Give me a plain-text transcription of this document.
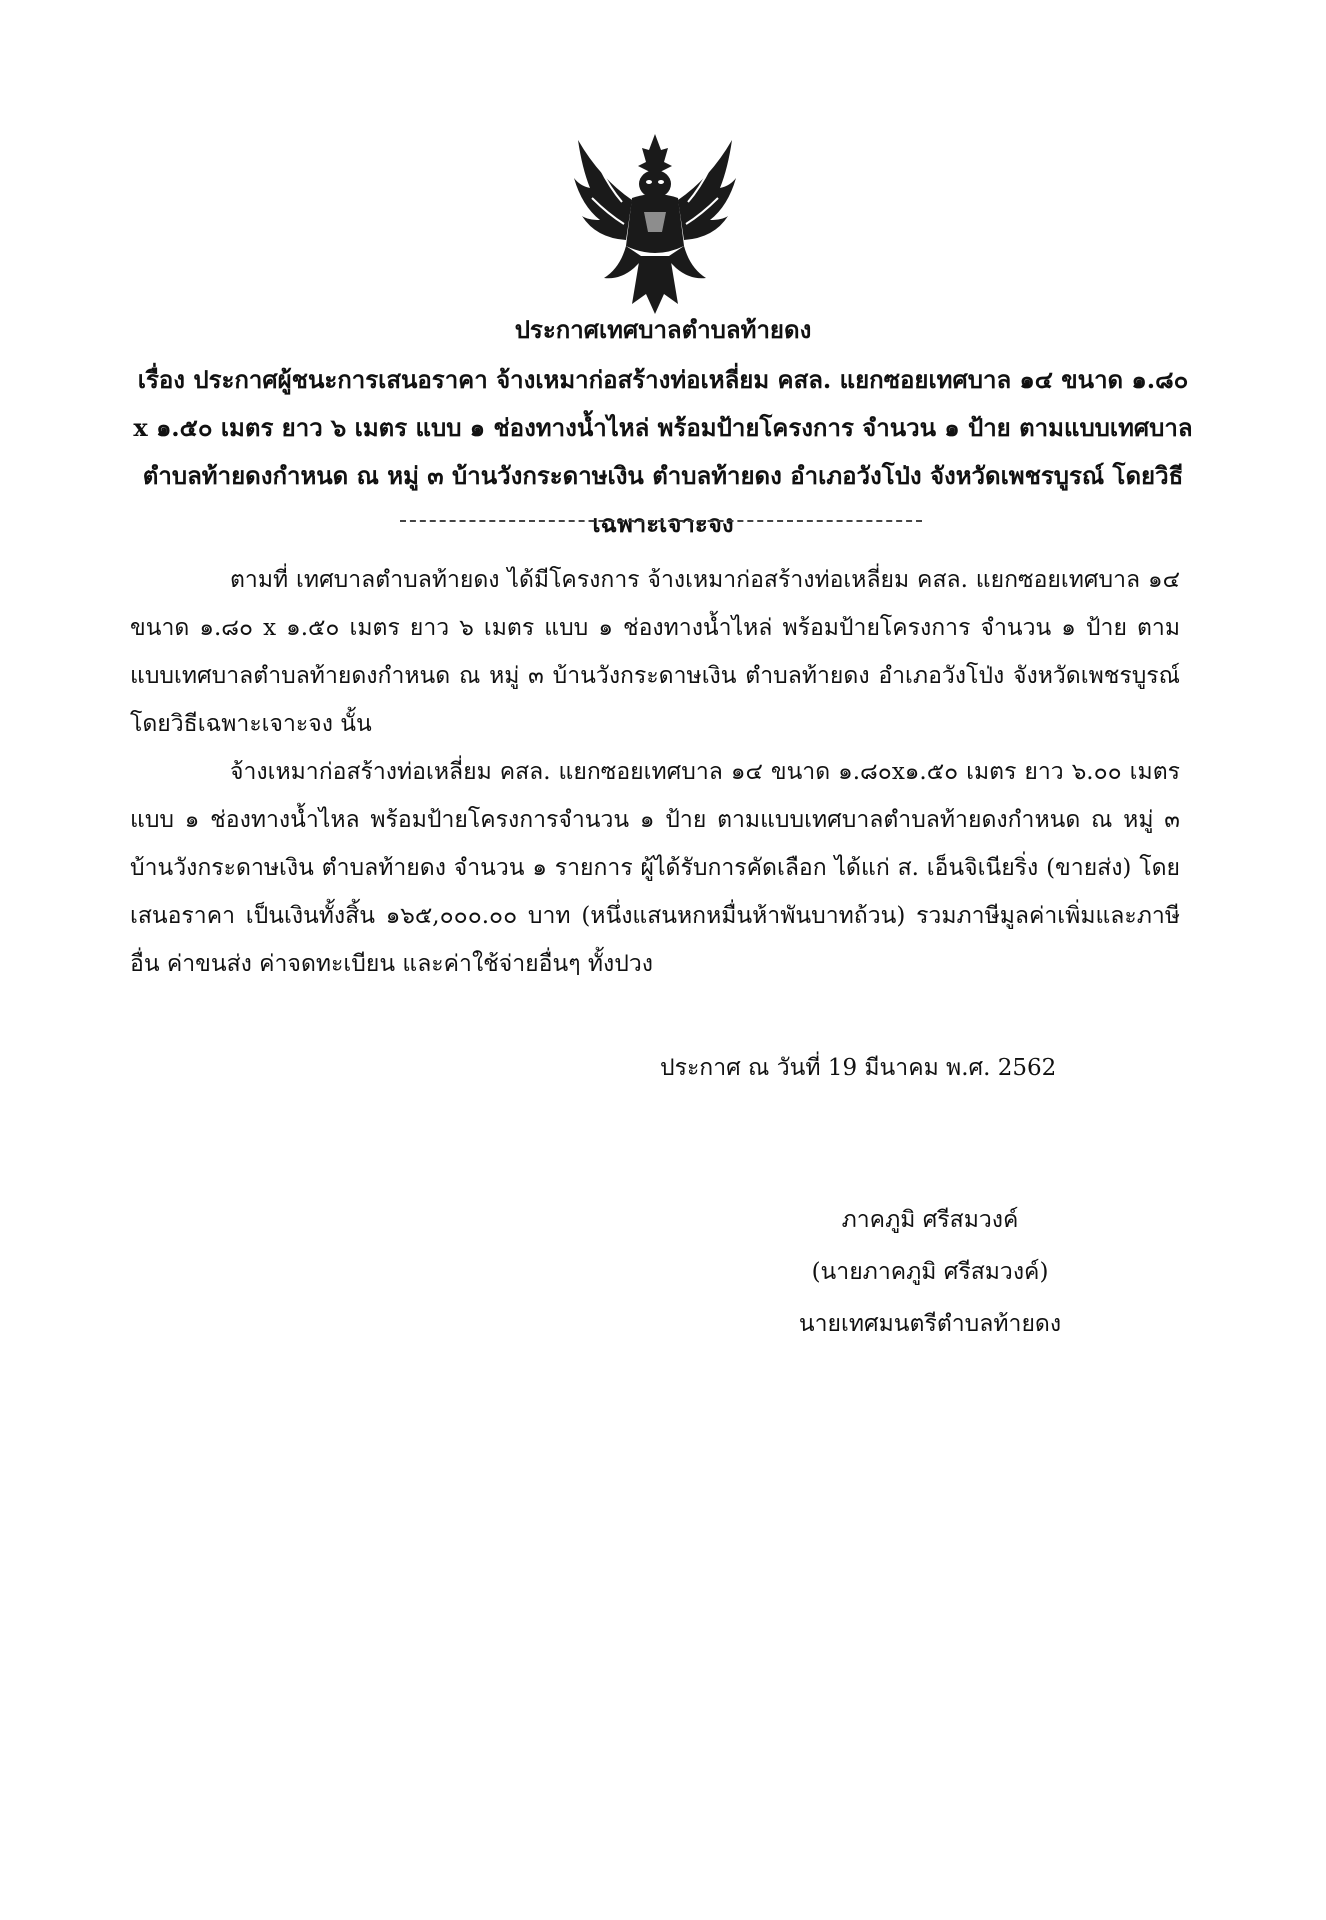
ประกาศเทศบาลตำบลท้ายดง
เรื่อง ประกาศผู้ชนะการเสนอราคา จ้างเหมาก่อสร้างท่อเหลี่ยม คสล. แยกซอยเทศบาล ๑๔ ขนาด ๑.๘๐ x ๑.๕๐ เมตร ยาว ๖ เมตร แบบ ๑ ช่องทางน้ำไหล่ พร้อมป้ายโครงการ จำนวน ๑ ป้าย ตามแบบเทศบาลตำบลท้ายดงกำหนด ณ หมู่ ๓ บ้านวังกระดาษเงิน ตำบลท้ายดง อำเภอวังโป่ง จังหวัดเพชรบูรณ์ โดยวิธีเฉพาะเจาะจง
ตามที่ เทศบาลตำบลท้ายดง ได้มีโครงการ จ้างเหมาก่อสร้างท่อเหลี่ยม คสล. แยกซอยเทศบาล ๑๔ ขนาด ๑.๘๐ x ๑.๕๐ เมตร ยาว ๖ เมตร แบบ ๑ ช่องทางน้ำไหล่ พร้อมป้ายโครงการ จำนวน ๑ ป้าย ตามแบบเทศบาลตำบลท้ายดงกำหนด ณ หมู่ ๓ บ้านวังกระดาษเงิน ตำบลท้ายดง อำเภอวังโป่ง จังหวัดเพชรบูรณ์ โดยวิธีเฉพาะเจาะจง นั้น
จ้างเหมาก่อสร้างท่อเหลี่ยม คสล. แยกซอยเทศบาล ๑๔ ขนาด ๑.๘๐x๑.๕๐ เมตร ยาว ๖.๐๐ เมตร แบบ ๑ ช่องทางน้ำไหล พร้อมป้ายโครงการจำนวน ๑ ป้าย ตามแบบเทศบาลตำบลท้ายดงกำหนด ณ หมู่ ๓ บ้านวังกระดาษเงิน ตำบลท้ายดง จำนวน ๑ รายการ ผู้ได้รับการคัดเลือก ได้แก่ ส. เอ็นจิเนียริ่ง (ขายส่ง) โดยเสนอราคา เป็นเงินทั้งสิ้น ๑๖๕,๐๐๐.๐๐ บาท (หนึ่งแสนหกหมื่นห้าพันบาทถ้วน) รวมภาษีมูลค่าเพิ่มและภาษีอื่น ค่าขนส่ง ค่าจดทะเบียน และค่าใช้จ่ายอื่นๆ ทั้งปวง
ประกาศ ณ วันที่ 19 มีนาคม พ.ศ. 2562
ภาคภูมิ ศรีสมวงค์
(นายภาคภูมิ ศรีสมวงค์)
นายเทศมนตรีตำบลท้ายดง
